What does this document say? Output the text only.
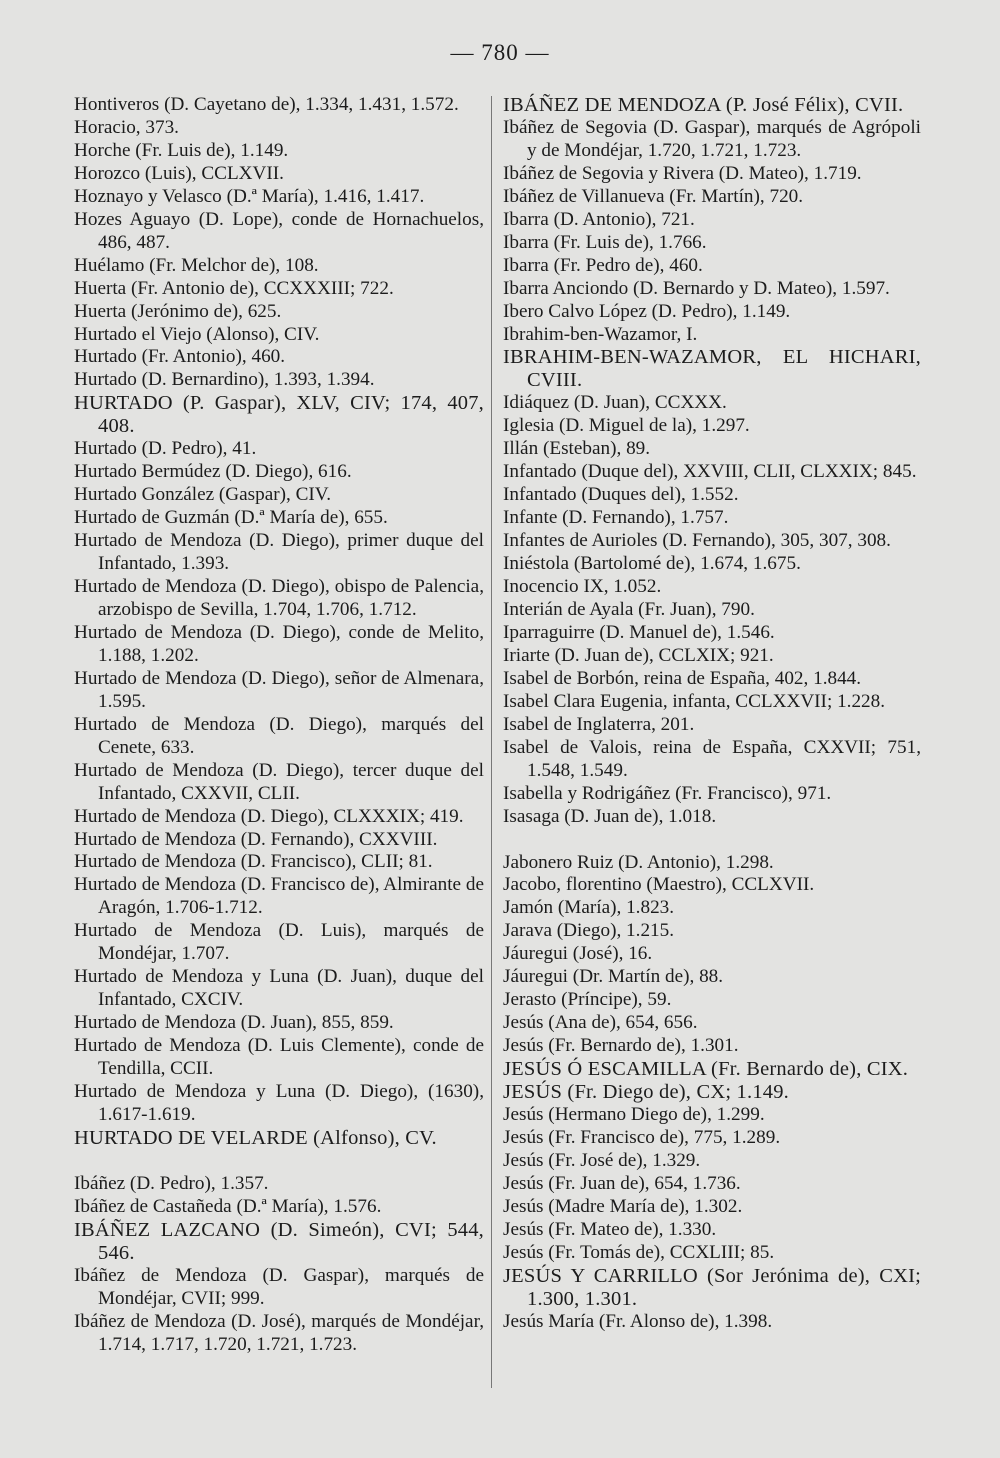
— 780 —
Hontiveros (D. Cayetano de), 1.334, 1.431, 1.572.
Horacio, 373.
Horche (Fr. Luis de), 1.149.
Horozco (Luis), CCLXVII.
Hoznayo y Velasco (D.ª María), 1.416, 1.417.
Hozes Aguayo (D. Lope), conde de Hornachuelos, 486, 487.
Huélamo (Fr. Melchor de), 108.
Huerta (Fr. Antonio de), CCXXXIII; 722.
Huerta (Jerónimo de), 625.
Hurtado el Viejo (Alonso), CIV.
Hurtado (Fr. Antonio), 460.
Hurtado (D. Bernardino), 1.393, 1.394.
HURTADO (P. Gaspar), XLV, CIV; 174, 407, 408.
Hurtado (D. Pedro), 41.
Hurtado Bermúdez (D. Diego), 616.
Hurtado González (Gaspar), CIV.
Hurtado de Guzmán (D.ª María de), 655.
Hurtado de Mendoza (D. Diego), primer duque del Infantado, 1.393.
Hurtado de Mendoza (D. Diego), obispo de Palencia, arzobispo de Sevilla, 1.704, 1.706, 1.712.
Hurtado de Mendoza (D. Diego), conde de Melito, 1.188, 1.202.
Hurtado de Mendoza (D. Diego), señor de Almenara, 1.595.
Hurtado de Mendoza (D. Diego), marqués del Cenete, 633.
Hurtado de Mendoza (D. Diego), tercer duque del Infantado, CXXVII, CLII.
Hurtado de Mendoza (D. Diego), CLXXXIX; 419.
Hurtado de Mendoza (D. Fernando), CXXVIII.
Hurtado de Mendoza (D. Francisco), CLII; 81.
Hurtado de Mendoza (D. Francisco de), Almirante de Aragón, 1.706-1.712.
Hurtado de Mendoza (D. Luis), marqués de Mondéjar, 1.707.
Hurtado de Mendoza y Luna (D. Juan), duque del Infantado, CXCIV.
Hurtado de Mendoza (D. Juan), 855, 859.
Hurtado de Mendoza (D. Luis Clemente), conde de Tendilla, CCII.
Hurtado de Mendoza y Luna (D. Diego), (1630), 1.617-1.619.
HURTADO DE VELARDE (Alfonso), CV.
Ibáñez (D. Pedro), 1.357.
Ibáñez de Castañeda (D.ª María), 1.576.
IBÁÑEZ LAZCANO (D. Simeón), CVI; 544, 546.
Ibáñez de Mendoza (D. Gaspar), marqués de Mondéjar, CVII; 999.
Ibáñez de Mendoza (D. José), marqués de Mondéjar, 1.714, 1.717, 1.720, 1.721, 1.723.
IBÁÑEZ DE MENDOZA (P. José Félix), CVII.
Ibáñez de Segovia (D. Gaspar), marqués de Agrópoli y de Mondéjar, 1.720, 1.721, 1.723.
Ibáñez de Segovia y Rivera (D. Mateo), 1.719.
Ibáñez de Villanueva (Fr. Martín), 720.
Ibarra (D. Antonio), 721.
Ibarra (Fr. Luis de), 1.766.
Ibarra (Fr. Pedro de), 460.
Ibarra Anciondo (D. Bernardo y D. Mateo), 1.597.
Ibero Calvo López (D. Pedro), 1.149.
Ibrahim-ben-Wazamor, I.
IBRAHIM-BEN-WAZAMOR, EL HICHARI, CVIII.
Idiáquez (D. Juan), CCXXX.
Iglesia (D. Miguel de la), 1.297.
Illán (Esteban), 89.
Infantado (Duque del), XXVIII, CLII, CLXXIX; 845.
Infantado (Duques del), 1.552.
Infante (D. Fernando), 1.757.
Infantes de Aurioles (D. Fernando), 305, 307, 308.
Iniéstola (Bartolomé de), 1.674, 1.675.
Inocencio IX, 1.052.
Interián de Ayala (Fr. Juan), 790.
Iparraguirre (D. Manuel de), 1.546.
Iriarte (D. Juan de), CCLXIX; 921.
Isabel de Borbón, reina de España, 402, 1.844.
Isabel Clara Eugenia, infanta, CCLXXVII; 1.228.
Isabel de Inglaterra, 201.
Isabel de Valois, reina de España, CXXVII; 751, 1.548, 1.549.
Isabella y Rodrigáñez (Fr. Francisco), 971.
Isasaga (D. Juan de), 1.018.
Jabonero Ruiz (D. Antonio), 1.298.
Jacobo, florentino (Maestro), CCLXVII.
Jamón (María), 1.823.
Jarava (Diego), 1.215.
Jáuregui (José), 16.
Jáuregui (Dr. Martín de), 88.
Jerasto (Príncipe), 59.
Jesús (Ana de), 654, 656.
Jesús (Fr. Bernardo de), 1.301.
JESÚS Ó ESCAMILLA (Fr. Bernardo de), CIX.
JESÚS (Fr. Diego de), CX; 1.149.
Jesús (Hermano Diego de), 1.299.
Jesús (Fr. Francisco de), 775, 1.289.
Jesús (Fr. José de), 1.329.
Jesús (Fr. Juan de), 654, 1.736.
Jesús (Madre María de), 1.302.
Jesús (Fr. Mateo de), 1.330.
Jesús (Fr. Tomás de), CCXLIII; 85.
JESÚS Y CARRILLO (Sor Jerónima de), CXI; 1.300, 1.301.
Jesús María (Fr. Alonso de), 1.398.
